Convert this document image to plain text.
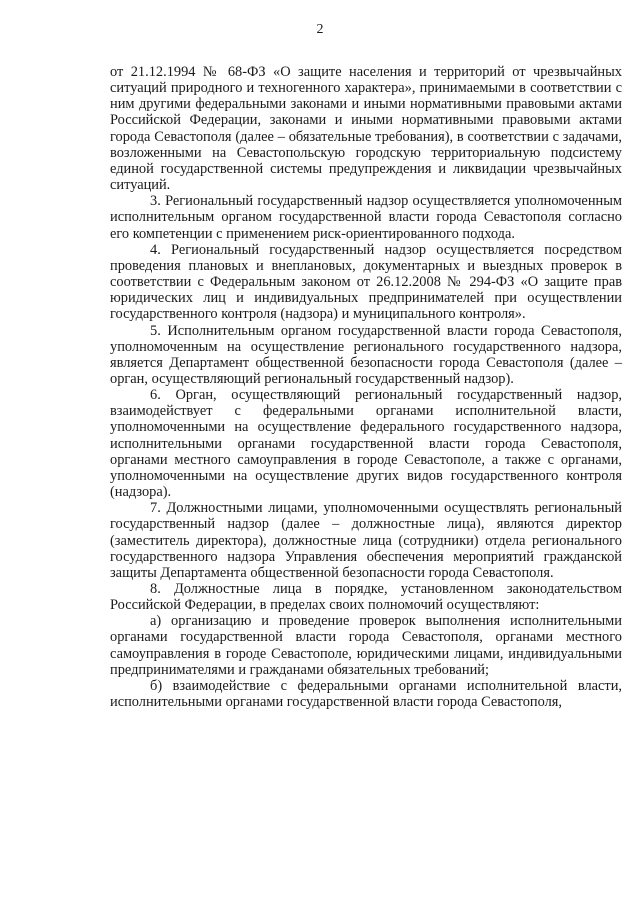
2

от 21.12.1994 № 68-ФЗ «О защите населения и территорий от чрезвычайных ситуаций природного и техногенного характера», принимаемыми в соответствии с ним другими федеральными законами и иными нормативными правовыми актами Российской Федерации, законами и иными нормативными правовыми актами города Севастополя (далее – обязательные требования), в соответствии с задачами, возложенными на Севастопольскую городскую территориальную подсистему единой государственной системы предупреждения и ликвидации чрезвычайных ситуаций.

3. Региональный государственный надзор осуществляется уполномоченным исполнительным органом государственной власти города Севастополя согласно его компетенции с применением риск-ориентированного подхода.

4. Региональный государственный надзор осуществляется посредством проведения плановых и внеплановых, документарных и выездных проверок в соответствии с Федеральным законом от 26.12.2008 № 294-ФЗ «О защите прав юридических лиц и индивидуальных предпринимателей при осуществлении государственного контроля (надзора) и муниципального контроля».

5. Исполнительным органом государственной власти города Севастополя, уполномоченным на осуществление регионального государственного надзора, является Департамент общественной безопасности города Севастополя (далее – орган, осуществляющий региональный государственный надзор).

6. Орган, осуществляющий региональный государственный надзор, взаимодействует с федеральными органами исполнительной власти, уполномоченными на осуществление федерального государственного надзора, исполнительными органами государственной власти города Севастополя, органами местного самоуправления в городе Севастополе, а также с органами, уполномоченными на осуществление других видов государственного контроля (надзора).

7. Должностными лицами, уполномоченными осуществлять региональный государственный надзор (далее – должностные лица), являются директор (заместитель директора), должностные лица (сотрудники) отдела регионального государственного надзора Управления обеспечения мероприятий гражданской защиты Департамента общественной безопасности города Севастополя.

8. Должностные лица в порядке, установленном законодательством Российской Федерации, в пределах своих полномочий осуществляют:

а) организацию и проведение проверок выполнения исполнительными органами государственной власти города Севастополя, органами местного самоуправления в городе Севастополе, юридическими лицами, индивидуальными предпринимателями и гражданами обязательных требований;

б) взаимодействие с федеральными органами исполнительной власти, исполнительными органами государственной власти города Севастополя,
